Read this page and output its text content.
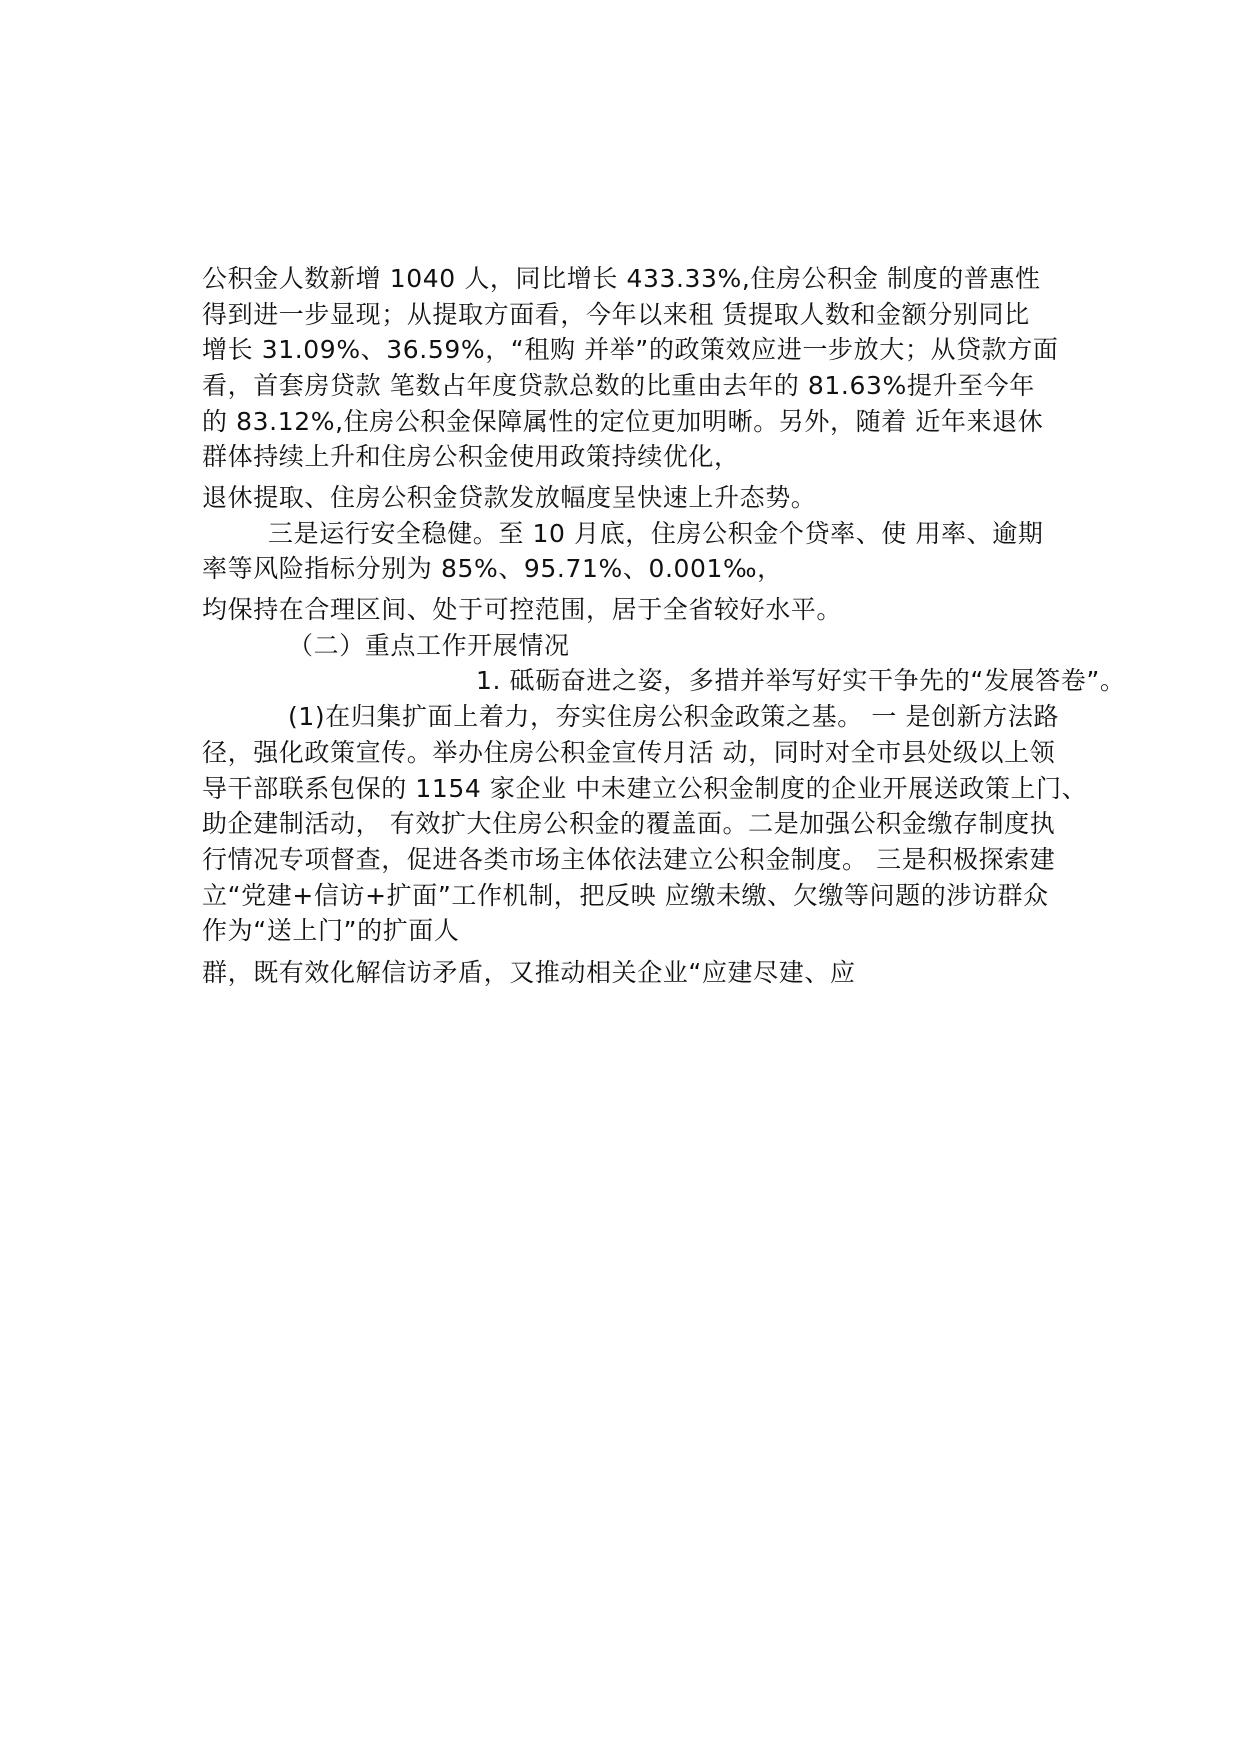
公积金人数新增 1040 人，同比增长 433.33%,住房公积金 制度的普惠性
得到进一步显现；从提取方面看，今年以来租 赁提取人数和金额分别同比
增长 31.09%、36.59%，“租购 并举”的政策效应进一步放大；从贷款方面
看，首套房贷款 笔数占年度贷款总数的比重由去年的 81.63%提升至今年
的 83.12%,住房公积金保障属性的定位更加明晰。另外，随着 近年来退休
群体持续上升和住房公积金使用政策持续优化，
退休提取、住房公积金贷款发放幅度呈快速上升态势。
三是运行安全稳健。至 10 月底，住房公积金个贷率、使 用率、逾期
率等风险指标分别为 85%、95.71%、0.001‰，
均保持在合理区间、处于可控范围，居于全省较好水平。
（二）重点工作开展情况
1. 砥砺奋进之姿，多措并举写好实干争先的“发展答卷”。
(1)在归集扩面上着力，夯实住房公积金政策之基。 一 是创新方法路
径，强化政策宣传。举办住房公积金宣传月活 动，同时对全市县处级以上领
导干部联系包保的 1154 家企业 中未建立公积金制度的企业开展送政策上门、
助企建制活动， 有效扩大住房公积金的覆盖面。二是加强公积金缴存制度执
行情况专项督查，促进各类市场主体依法建立公积金制度。 三是积极探索建
立“党建+信访+扩面”工作机制，把反映 应缴未缴、欠缴等问题的涉访群众
作为“送上门”的扩面人
群，既有效化解信访矛盾，又推动相关企业“应建尽建、应
